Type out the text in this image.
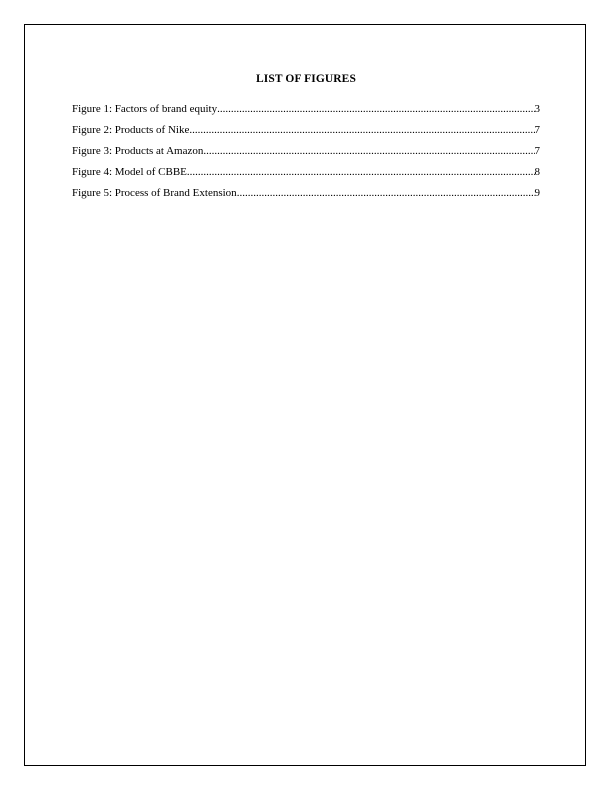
LIST OF FIGURES
Figure 1: Factors of brand equity .....	3
Figure 2: Products of Nike .....	7
Figure 3: Products at Amazon .....	7
Figure 4: Model of CBBE .....	8
Figure 5: Process of Brand Extension .....	9
